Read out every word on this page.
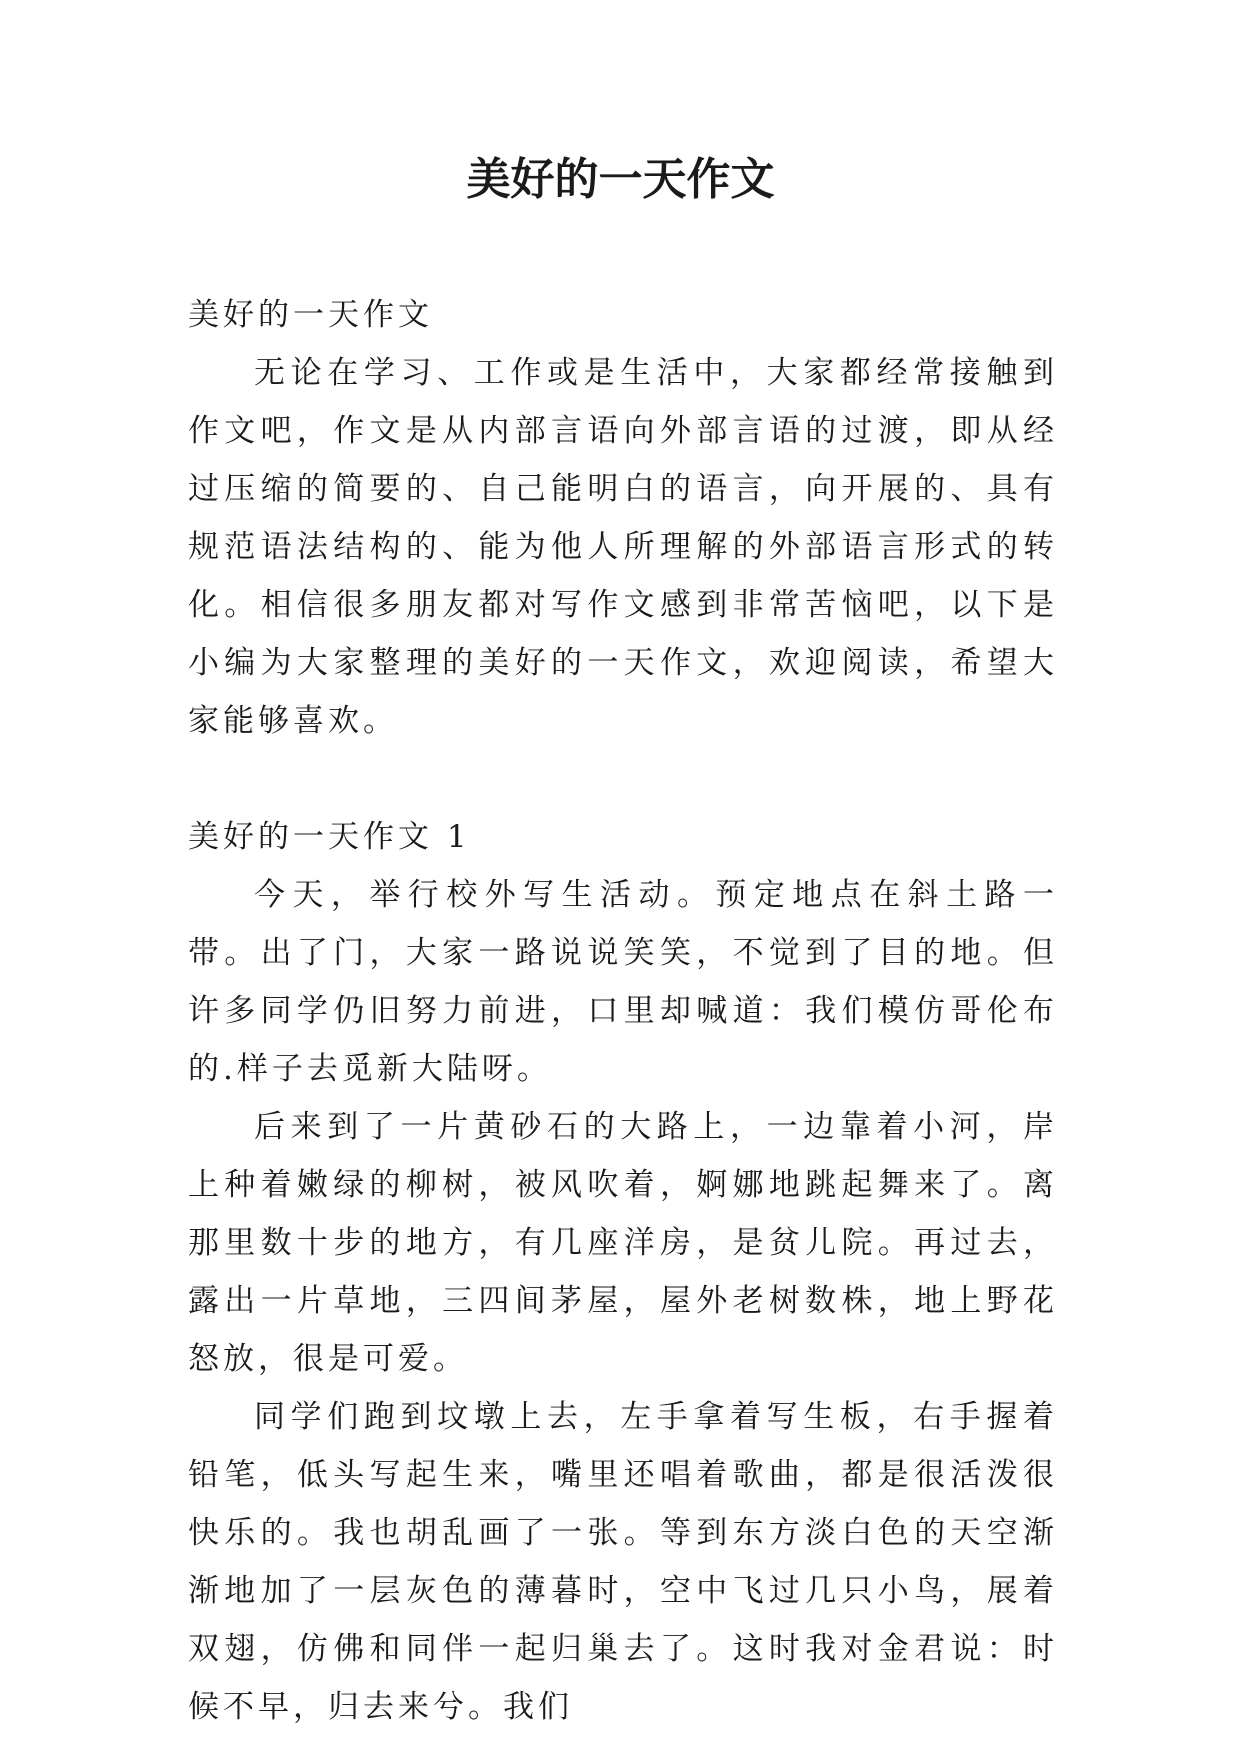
美好的一天作文

美好的一天作文

无论在学习、工作或是生活中，大家都经常接触到作文吧，作文是从内部言语向外部言语的过渡，即从经过压缩的简要的、自己能明白的语言，向开展的、具有规范语法结构的、能为他人所理解的外部语言形式的转化。相信很多朋友都对写作文感到非常苦恼吧，以下是小编为大家整理的美好的一天作文，欢迎阅读，希望大家能够喜欢。

美好的一天作文 1

今天，举行校外写生活动。预定地点在斜土路一带。出了门，大家一路说说笑笑，不觉到了目的地。但许多同学仍旧努力前进，口里却喊道：我们模仿哥伦布的.样子去觅新大陆呀。

后来到了一片黄砂石的大路上，一边靠着小河，岸上种着嫩绿的柳树，被风吹着，婀娜地跳起舞来了。离那里数十步的地方，有几座洋房，是贫儿院。再过去，露出一片草地，三四间茅屋，屋外老树数株，地上野花怒放，很是可爱。

同学们跑到坟墩上去，左手拿着写生板，右手握着铅笔，低头写起生来，嘴里还唱着歌曲，都是很活泼很快乐的。我也胡乱画了一张。等到东方淡白色的天空渐渐地加了一层灰色的薄暮时，空中飞过几只小鸟，展着双翅，仿佛和同伴一起归巢去了。这时我对金君说：时候不早，归去来兮。我们
